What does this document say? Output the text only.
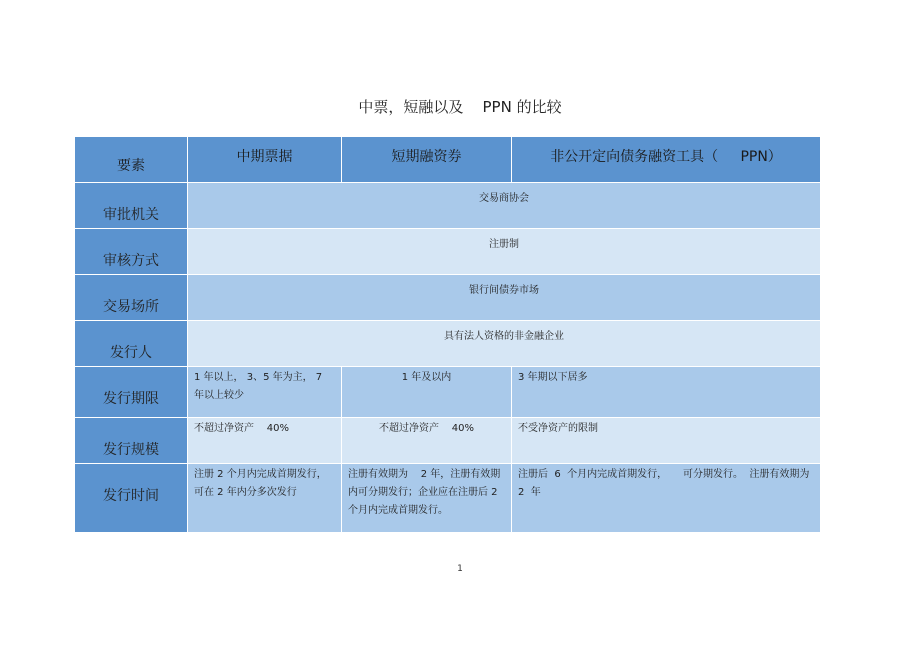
中票，短融以及    PPN 的比较
要素	中期票据	短期融资券	非公开定向债务融资工具（     PPN）

审批机关	交易商协会		

审核方式	注册制		

交易场所	银行间债券市场		

发行人	具有法人资格的非金融企业		

发行期限	1 年以上， 3、5 年为主， 7 年以上较少	1 年及以内	3 年期以下居多

发行规模	不超过净资产    40%	不超过净资产    40%	不受净资产的限制

发行时间	注册 2 个月内完成首期发行，可在 2 年内分多次发行	注册有效期为    2 年，注册有效期内可分期发行；企业应在注册后 2 个月内完成首期发行。	注册后  6  个月内完成首期发行，     可分期发行。  注册有效期为  2  年
1
